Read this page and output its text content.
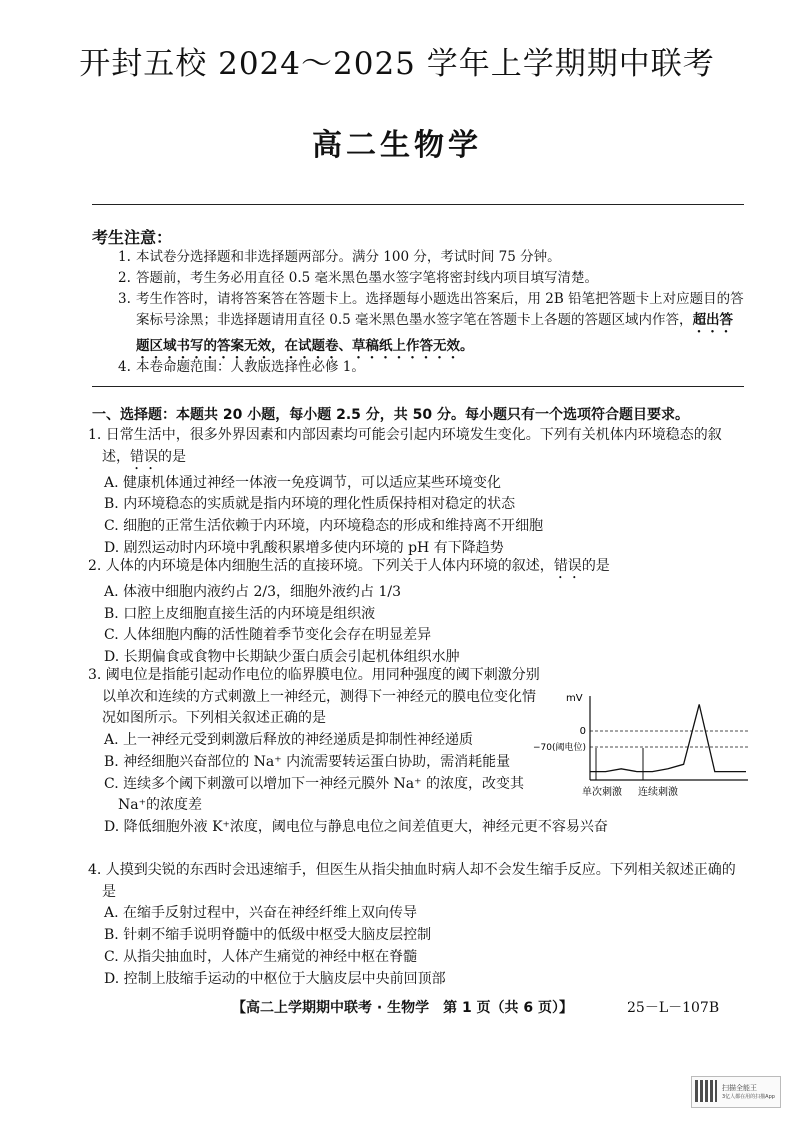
开封五校 2024～2025 学年上学期期中联考
高二生物学
考生注意：
1. 本试卷分选择题和非选择题两部分。满分 100 分，考试时间 75 分钟。
2. 答题前，考生务必用直径 0.5 毫米黑色墨水签字笔将密封线内项目填写清楚。
3. 考生作答时，请将答案答在答题卡上。选择题每小题选出答案后，用 2B 铅笔把答题卡上对应题目的答案标号涂黑；非选择题请用直径 0.5 毫米黑色墨水签字笔在答题卡上各题的答题区域内作答，超出答题区域书写的答案无效，在试题卷、草稿纸上作答无效。
4. 本卷命题范围：人教版选择性必修 1。
一、选择题：本题共 20 小题，每小题 2.5 分，共 50 分。每小题只有一个选项符合题目要求。
1. 日常生活中，很多外界因素和内部因素均可能会引起内环境发生变化。下列有关机体内环境稳态的叙述，错误的是
A. 健康机体通过神经一体液一免疫调节，可以适应某些环境变化
B. 内环境稳态的实质就是指内环境的理化性质保持相对稳定的状态
C. 细胞的正常生活依赖于内环境，内环境稳态的形成和维持离不开细胞
D. 剧烈运动时内环境中乳酸积累增多使内环境的 pH 有下降趋势
2. 人体的内环境是体内细胞生活的直接环境。下列关于人体内环境的叙述，错误的是
A. 体液中细胞内液约占 2/3，细胞外液约占 1/3
B. 口腔上皮细胞直接生活的内环境是组织液
C. 人体细胞内酶的活性随着季节变化会存在明显差异
D. 长期偏食或食物中长期缺少蛋白质会引起机体组织水肿
3. 阈电位是指能引起动作电位的临界膜电位。用同种强度的阈下刺激分别以单次和连续的方式刺激上一神经元，测得下一神经元的膜电位变化情况如图所示。下列相关叙述正确的是
A. 上一神经元受到刺激后释放的神经递质是抑制性神经递质
B. 神经细胞兴奋部位的 Na⁺ 内流需要转运蛋白协助，需消耗能量
C. 连续多个阈下刺激可以增加下一神经元膜外 Na⁺ 的浓度，改变其 Na⁺的浓度差
D. 降低细胞外液 K⁺浓度，阈电位与静息电位之间差值更大，神经元更不容易兴奋
mV
0
−70(阈电位)
单次刺激 连续刺激
4. 人摸到尖锐的东西时会迅速缩手，但医生从指尖抽血时病人却不会发生缩手反应。下列相关叙述正确的是
A. 在缩手反射过程中，兴奋在神经纤维上双向传导
B. 针刺不缩手说明脊髓中的低级中枢受大脑皮层控制
C. 从指尖抽血时，人体产生痛觉的神经中枢在脊髓
D. 控制上肢缩手运动的中枢位于大脑皮层中央前回顶部
【高二上学期期中联考 · 生物学　第 1 页（共 6 页）】	25－L－107B
扫描全能王
3亿人都在用的扫描App
